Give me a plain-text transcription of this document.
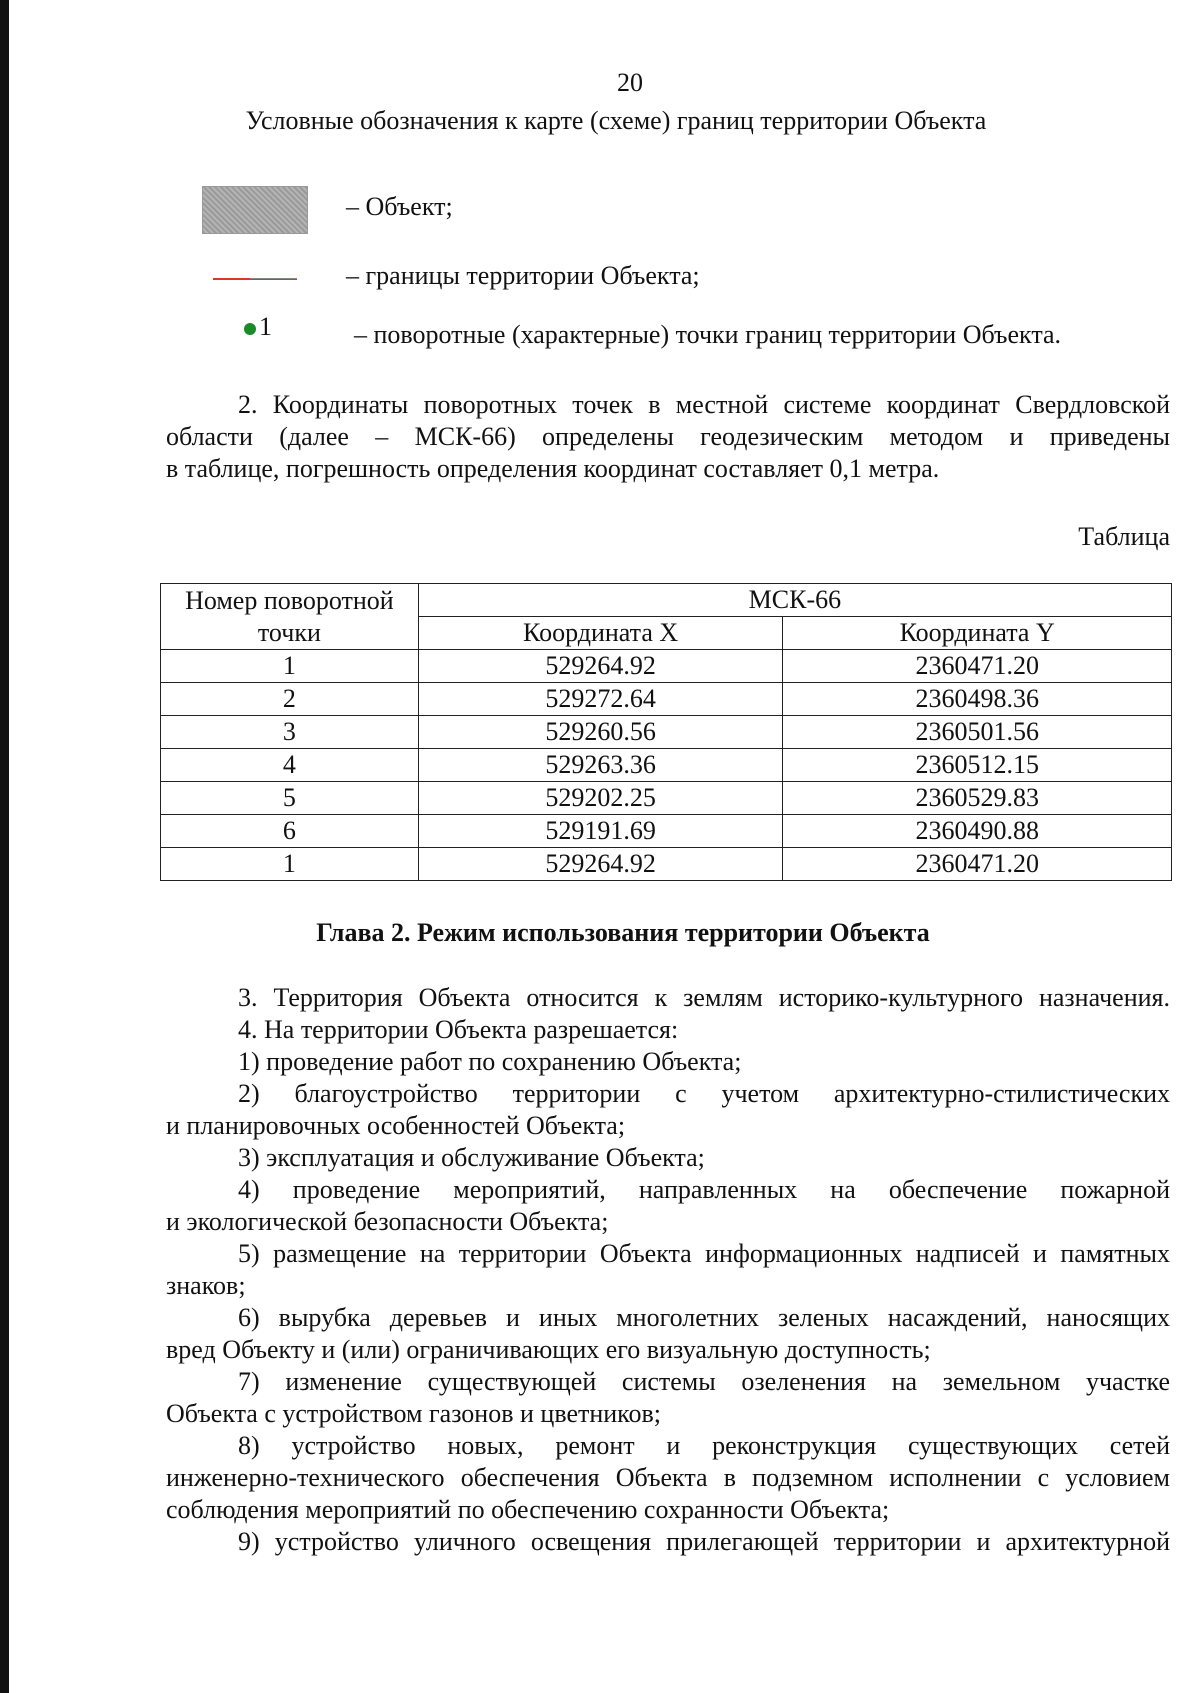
20
Условные обозначения к карте (схеме) границ территории Объекта
– Объект;
– границы территории Объекта;
1	– поворотные (характерные) точки границ территории Объекта.
2. Координаты поворотных точек в местной системе координат Свердловской
области (далее – МСК-66) определены геодезическим методом и приведены
в таблице, погрешность определения координат составляет 0,1 метра.
Таблица
Номер поворотной точки	МСК-66	
	Координата X	Координата Y
1	529264.92	2360471.20
2	529272.64	2360498.36
3	529260.56	2360501.56
4	529263.36	2360512.15
5	529202.25	2360529.83
6	529191.69	2360490.88
1	529264.92	2360471.20
Глава 2. Режим использования территории Объекта
3. Территория Объекта относится к землям историко-культурного назначения.
4. На территории Объекта разрешается:
1) проведение работ по сохранению Объекта;
2) благоустройство территории с учетом архитектурно-стилистических
и планировочных особенностей Объекта;
3) эксплуатация и обслуживание Объекта;
4) проведение мероприятий, направленных на обеспечение пожарной
и экологической безопасности Объекта;
5) размещение на территории Объекта информационных надписей и памятных
знаков;
6) вырубка деревьев и иных многолетних зеленых насаждений, наносящих
вред Объекту и (или) ограничивающих его визуальную доступность;
7) изменение существующей системы озеленения на земельном участке
Объекта с устройством газонов и цветников;
8) устройство новых, ремонт и реконструкция существующих сетей
инженерно-технического обеспечения Объекта в подземном исполнении с условием
соблюдения мероприятий по обеспечению сохранности Объекта;
9) устройство уличного освещения прилегающей территории и архитектурной
